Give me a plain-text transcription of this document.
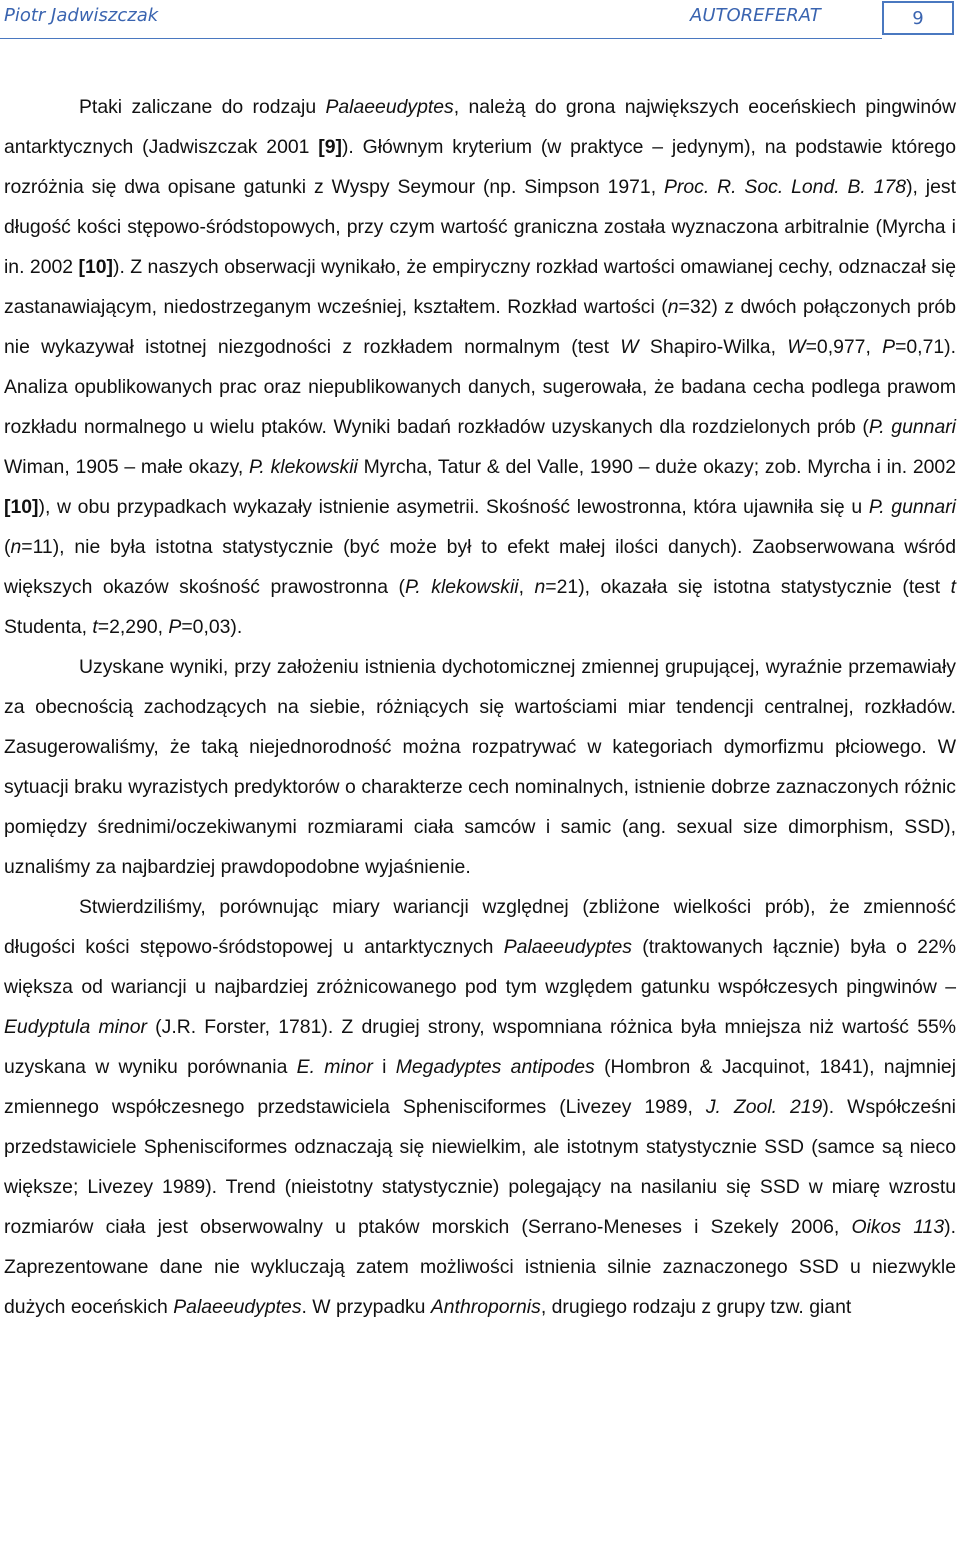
Piotr Jadwiszczak	AUTOREFERAT	9

Ptaki zaliczane do rodzaju Palaeeudyptes, należą do grona największych eoceńskiech pingwinów antarktycznych (Jadwiszczak 2001 [9]). Głównym kryterium (w praktyce – jedynym), na podstawie którego rozróżnia się dwa opisane gatunki z Wyspy Seymour (np. Simpson 1971, Proc. R. Soc. Lond. B. 178), jest długość kości stępowo-śródstopowych, przy czym wartość graniczna została wyznaczona arbitralnie (Myrcha i in. 2002 [10]). Z naszych obserwacji wynikało, że empiryczny rozkład wartości omawianej cechy, odznaczał się zastanawiającym, niedostrzeganym wcześniej, kształtem. Rozkład wartości (n=32) z dwóch połączonych prób nie wykazywał istotnej niezgodności z rozkładem normalnym (test W Shapiro-Wilka, W=0,977, P=0,71). Analiza opublikowanych prac oraz niepublikowanych danych, sugerowała, że badana cecha podlega prawom rozkładu normalnego u wielu ptaków. Wyniki badań rozkładów uzyskanych dla rozdzielonych prób (P. gunnari Wiman, 1905 – małe okazy, P. klekowskii Myrcha, Tatur & del Valle, 1990 – duże okazy; zob. Myrcha i in. 2002 [10]), w obu przypadkach wykazały istnienie asymetrii. Skośność lewostronna, która ujawniła się u P. gunnari (n=11), nie była istotna statystycznie (być może był to efekt małej ilości danych). Zaobserwowana wśród większych okazów skośność prawostronna (P. klekowskii, n=21), okazała się istotna statystycznie (test t Studenta, t=2,290, P=0,03).

Uzyskane wyniki, przy założeniu istnienia dychotomicznej zmiennej grupującej, wyraźnie przemawiały za obecnością zachodzących na siebie, różniących się wartościami miar tendencji centralnej, rozkładów. Zasugerowaliśmy, że taką niejednorodność można rozpatrywać w kategoriach dymorfizmu płciowego. W sytuacji braku wyrazistych predyktorów o charakterze cech nominalnych, istnienie dobrze zaznaczonych różnic pomiędzy średnimi/oczekiwanymi rozmiarami ciała samców i samic (ang. sexual size dimorphism, SSD), uznaliśmy za najbardziej prawdopodobne wyjaśnienie.

Stwierdziliśmy, porównując miary wariancji względnej (zbliżone wielkości prób), że zmienność długości kości stępowo-śródstopowej u antarktycznych Palaeeudyptes (traktowanych łącznie) była o 22% większa od wariancji u najbardziej zróżnicowanego pod tym względem gatunku współczesych pingwinów – Eudyptula minor (J.R. Forster, 1781). Z drugiej strony, wspomniana różnica była mniejsza niż wartość 55% uzyskana w wyniku porównania E. minor i Megadyptes antipodes (Hombron & Jacquinot, 1841), najmniej zmiennego współczesnego przedstawiciela Sphenisciformes (Livezey 1989, J. Zool. 219). Współcześni przedstawiciele Sphenisciformes odznaczają się niewielkim, ale istotnym statystycznie SSD (samce są nieco większe; Livezey 1989). Trend (nieistotny statystycznie) polegający na nasilaniu się SSD w miarę wzrostu rozmiarów ciała jest obserwowalny u ptaków morskich (Serrano-Meneses i Szekely 2006, Oikos 113). Zaprezentowane dane nie wykluczają zatem możliwości istnienia silnie zaznaczonego SSD u niezwykle dużych eoceńskich Palaeeudyptes. W przypadku Anthropornis, drugiego rodzaju z grupy tzw. giant
